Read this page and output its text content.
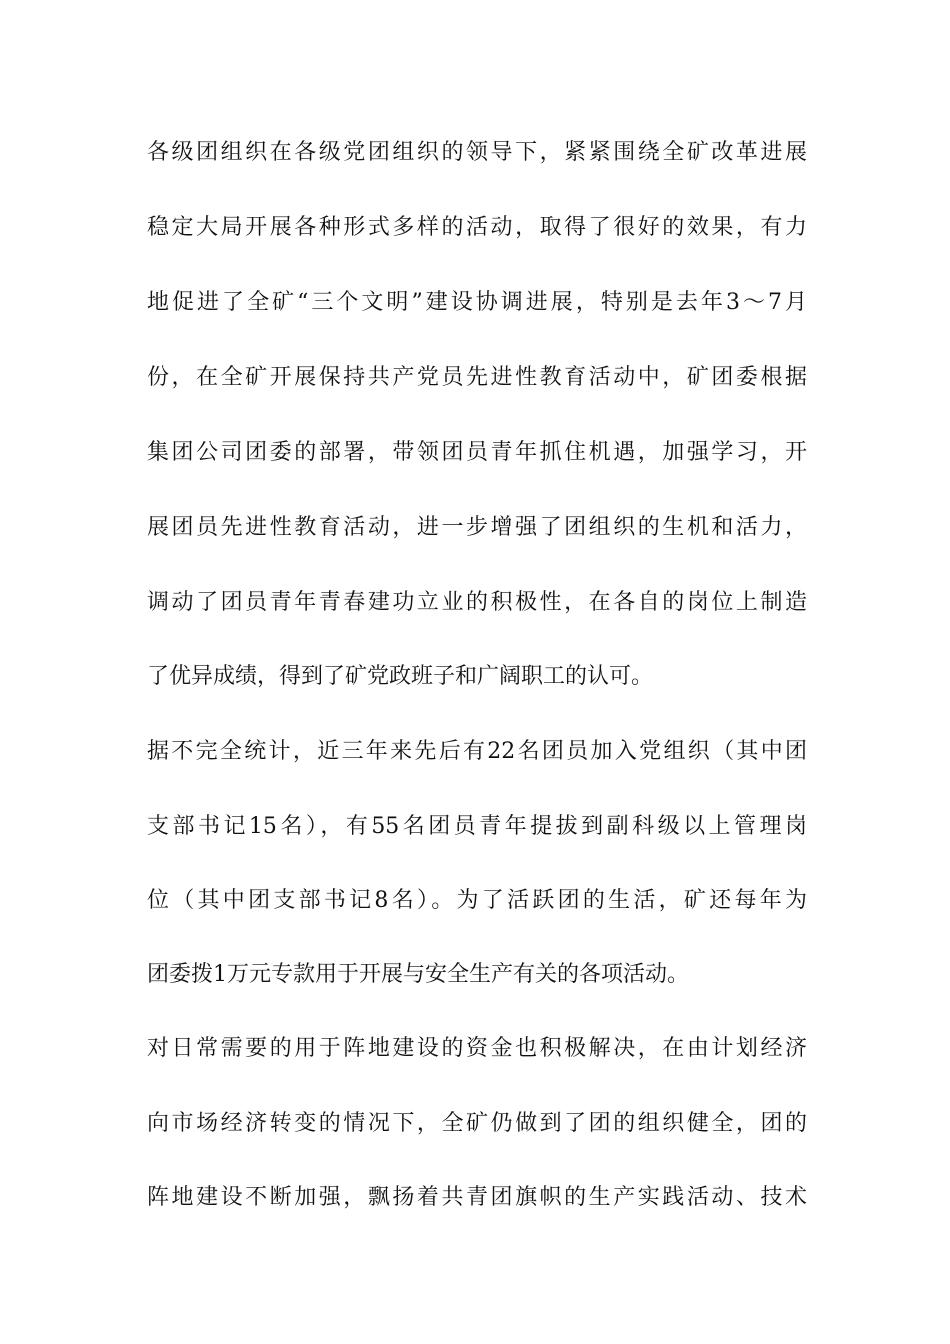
各级团组织在各级党团组织的领导下，紧紧围绕全矿改革进展
稳定大局开展各种形式多样的活动，取得了很好的效果，有力
地促进了全矿“三个文明”建设协调进展，特别是去年3～7月
份，在全矿开展保持共产党员先进性教育活动中，矿团委根据
集团公司团委的部署，带领团员青年抓住机遇，加强学习，开
展团员先进性教育活动，进一步增强了团组织的生机和活力，
调动了团员青年青春建功立业的积极性，在各自的岗位上制造
了优异成绩，得到了矿党政班子和广阔职工的认可。
据不完全统计，近三年来先后有22名团员加入党组织（其中团
支部书记15名），有55名团员青年提拔到副科级以上管理岗
位（其中团支部书记8名）。为了活跃团的生活，矿还每年为
团委拨1万元专款用于开展与安全生产有关的各项活动。
对日常需要的用于阵地建设的资金也积极解决，在由计划经济
向市场经济转变的情况下，全矿仍做到了团的组织健全，团的
阵地建设不断加强，飘扬着共青团旗帜的生产实践活动、技术
